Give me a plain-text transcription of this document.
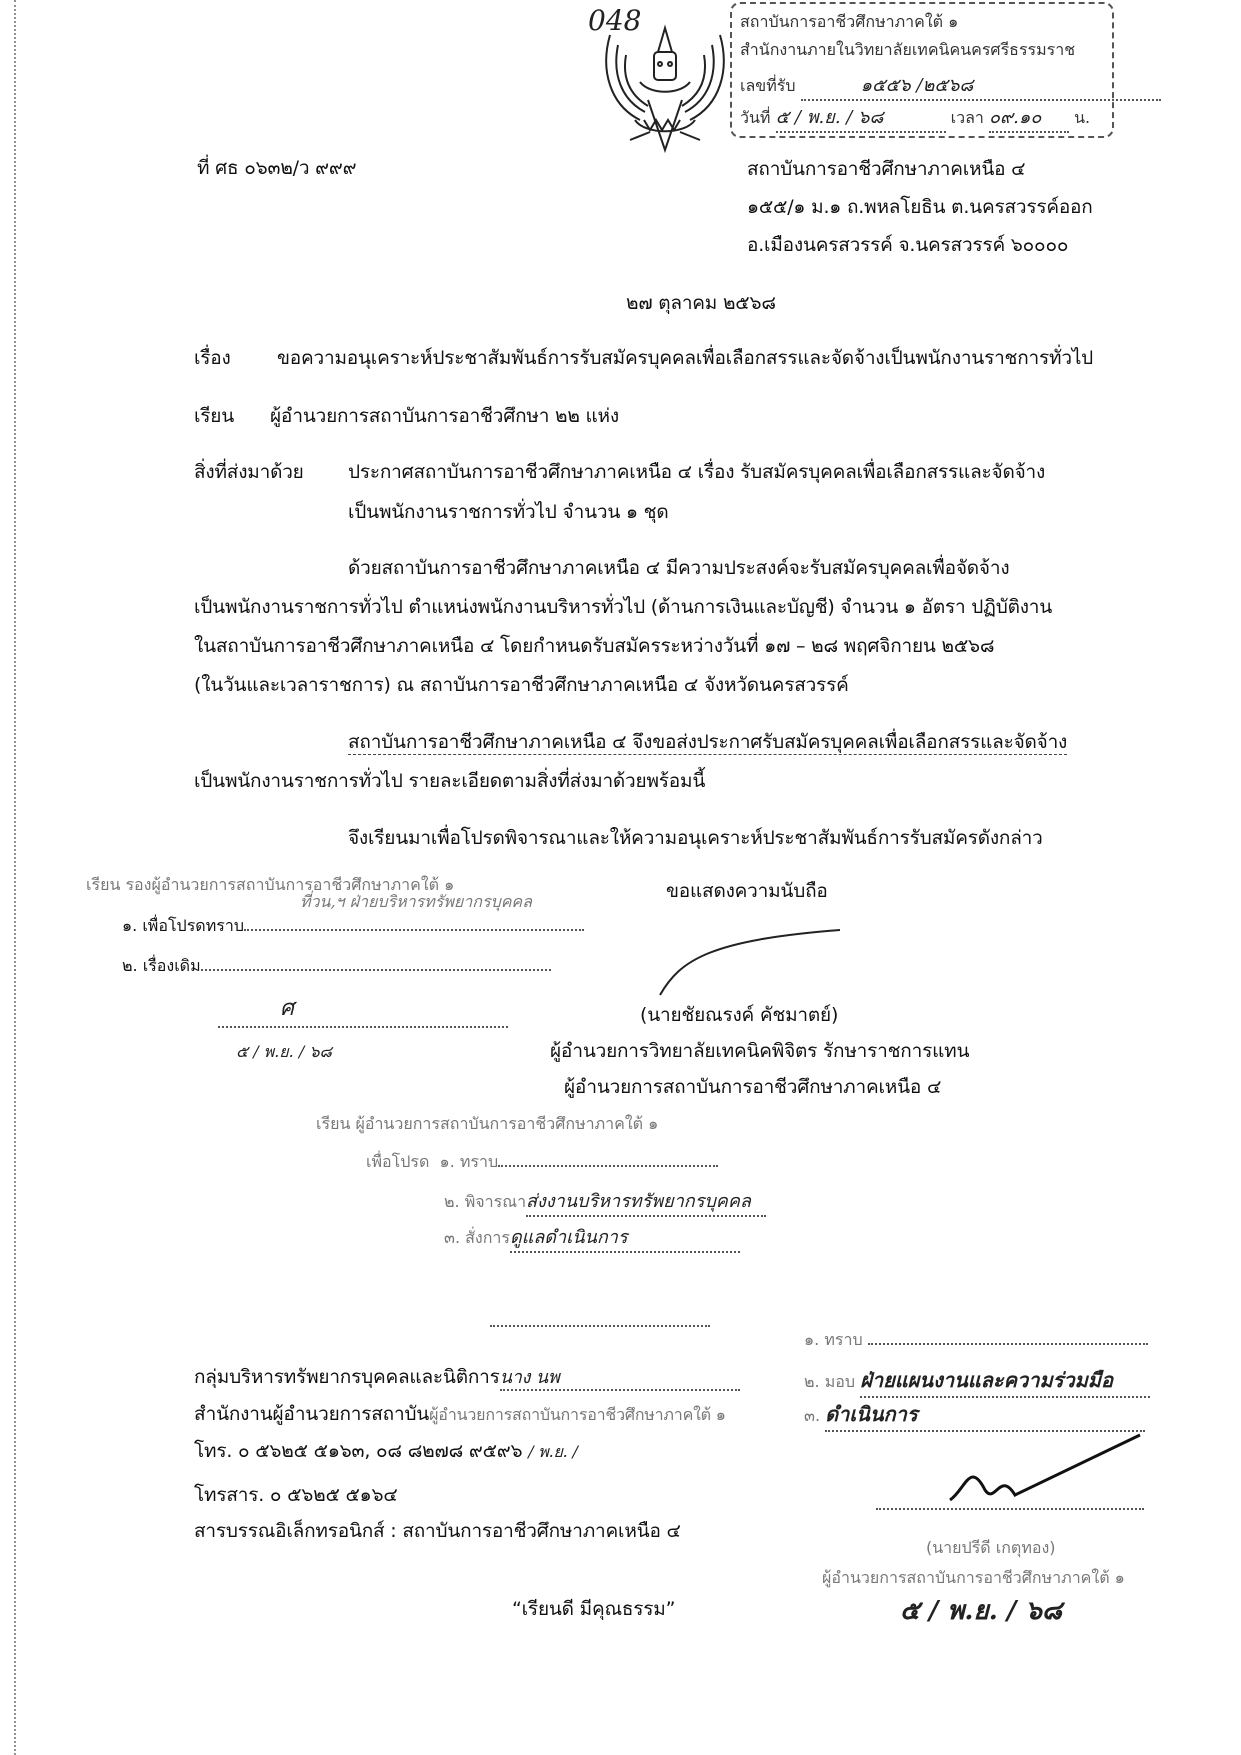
048	สถาบันการอาชีวศึกษาภาคใต้ ๑
สำนักงานภายในวิทยาลัยเทคนิคนครศรีธรรมราช
เลขที่รับ	๑๕๕๖ /๒๕๖๘
วันที่ ๕ / พ.ย. / ๖๘	เวลา ๐๙.๑๐ น.
ที่ ศธ ๐๖๓๒/ว ๙๙๙	สถาบันการอาชีวศึกษาภาคเหนือ ๔
๑๕๕/๑ ม.๑ ถ.พหลโยธิน ต.นครสวรรค์ออก
อ.เมืองนครสวรรค์ จ.นครสวรรค์ ๖๐๐๐๐
๒๗ ตุลาคม ๒๕๖๘
เรื่อง ขอความอนุเคราะห์ประชาสัมพันธ์การรับสมัครบุคคลเพื่อเลือกสรรและจัดจ้างเป็นพนักงานราชการทั่วไป
เรียน ผู้อำนวยการสถาบันการอาชีวศึกษา ๒๒ แห่ง
สิ่งที่ส่งมาด้วย ประกาศสถาบันการอาชีวศึกษาภาคเหนือ ๔ เรื่อง รับสมัครบุคคลเพื่อเลือกสรรและจัดจ้าง
เป็นพนักงานราชการทั่วไป จำนวน ๑ ชุด
ด้วยสถาบันการอาชีวศึกษาภาคเหนือ ๔ มีความประสงค์จะรับสมัครบุคคลเพื่อจัดจ้าง
เป็นพนักงานราชการทั่วไป ตำแหน่งพนักงานบริหารทั่วไป (ด้านการเงินและบัญชี) จำนวน ๑ อัตรา ปฏิบัติงาน
ในสถาบันการอาชีวศึกษาภาคเหนือ ๔ โดยกำหนดรับสมัครระหว่างวันที่ ๑๗ – ๒๘ พฤศจิกายน ๒๕๖๘
(ในวันและเวลาราชการ) ณ สถาบันการอาชีวศึกษาภาคเหนือ ๔ จังหวัดนครสวรรค์
สถาบันการอาชีวศึกษาภาคเหนือ ๔ จึงขอส่งประกาศรับสมัครบุคคลเพื่อเลือกสรรและจัดจ้าง
เป็นพนักงานราชการทั่วไป รายละเอียดตามสิ่งที่ส่งมาด้วยพร้อมนี้
จึงเรียนมาเพื่อโปรดพิจารณาและให้ความอนุเคราะห์ประชาสัมพันธ์การรับสมัครดังกล่าว
ขอแสดงความนับถือ
เรียน รองผู้อำนวยการสถาบันการอาชีวศึกษาภาคใต้ ๑
ที่วน,ฯ ฝ่ายบริหารทรัพยากรบุคคล
๑. เพื่อโปรดทราบ
๒. เรื่องเดิม
ศ
๕ / พ.ย. / ๖๘
(นายชัยณรงค์ คัชมาตย์)
ผู้อำนวยการวิทยาลัยเทคนิคพิจิตร รักษาราชการแทน
ผู้อำนวยการสถาบันการอาชีวศึกษาภาคเหนือ ๔
เรียน ผู้อำนวยการสถาบันการอาชีวศึกษาภาคใต้ ๑
เพื่อโปรด ๑. ทราบ
๒. พิจารณาส่งงานบริหารทรัพยากรบุคคล
๓. สั่งการดูแลดำเนินการ
กลุ่มบริหารทรัพยากรบุคคลและนิติการนาง นพ
สำนักงานผู้อำนวยการสถาบันผู้อำนวยการสถาบันการอาชีวศึกษาภาคใต้ ๑
โทร. ๐ ๕๖๒๕ ๕๑๖๓, ๐๘ ๘๒๗๘ ๙๕๙๖ / พ.ย. /
โทรสาร. ๐ ๕๖๒๕ ๕๑๖๔
สารบรรณอิเล็กทรอนิกส์ : สถาบันการอาชีวศึกษาภาคเหนือ ๔
“เรียนดี มีคุณธรรม”
๑. ทราบ
๒. มอบ ฝ่ายแผนงานและความร่วมมือ
๓. ดำเนินการ
(นายปรีดี เกตุทอง)
ผู้อำนวยการสถาบันการอาชีวศึกษาภาคใต้ ๑
๕ / พ.ย. / ๖๘
